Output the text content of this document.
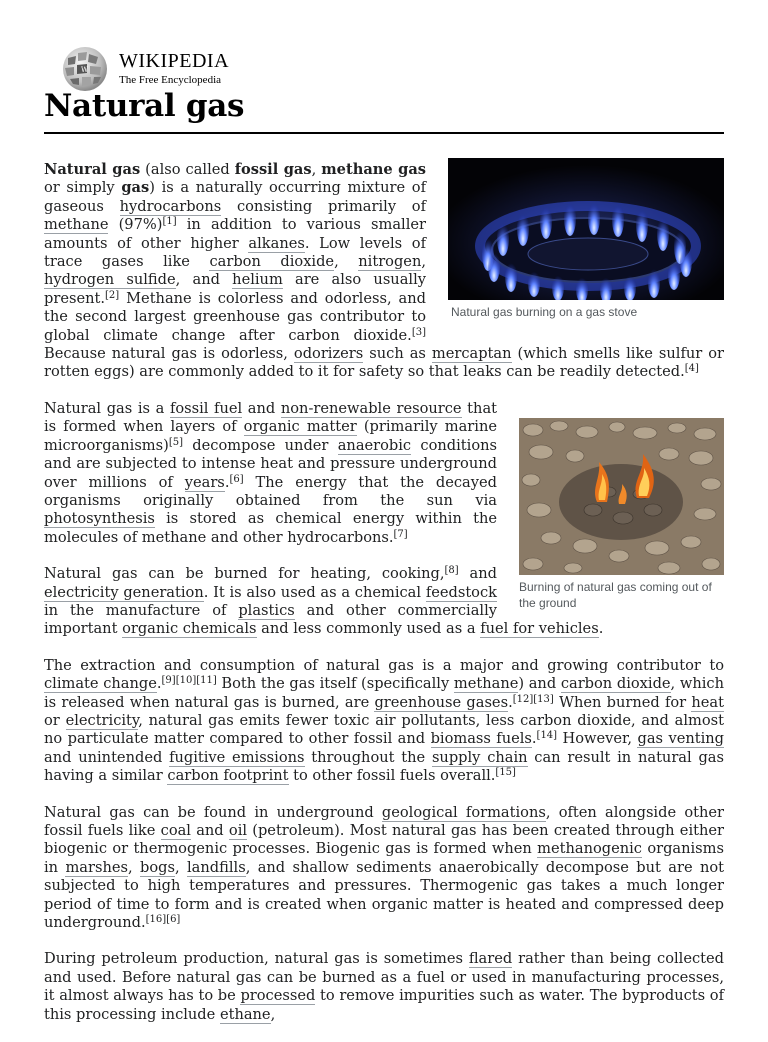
W WIKIPEDIA
The Free Encyclopedia
Natural gas
Natural gas burning on a gas stove

Natural gas (also called fossil gas, methane gas or simply gas) is a naturally occurring mixture of gaseous hydrocarbons consisting primarily of methane (97%)[1] in addition to various smaller amounts of other higher alkanes. Low levels of trace gases like carbon dioxide, nitrogen, hydrogen sulfide, and helium are also usually present.[2] Methane is colorless and odorless, and the second largest greenhouse gas contributor to global climate change after carbon dioxide.[3] Because natural gas is odorless, odorizers such as mercaptan (which smells like sulfur or rotten eggs) are commonly added to it for safety so that leaks can be readily detected.[4]

Burning of natural gas coming out of the ground

Natural gas is a fossil fuel and non-renewable resource that is formed when layers of organic matter (primarily marine microorganisms)[5] decompose under anaerobic conditions and are subjected to intense heat and pressure underground over millions of years.[6] The energy that the decayed organisms originally obtained from the sun via photosynthesis is stored as chemical energy within the molecules of methane and other hydrocarbons.[7]

Natural gas can be burned for heating, cooking,[8] and electricity generation. It is also used as a chemical feedstock in the manufacture of plastics and other commercially important organic chemicals and less commonly used as a fuel for vehicles.

The extraction and consumption of natural gas is a major and growing contributor to climate change.[9][10][11] Both the gas itself (specifically methane) and carbon dioxide, which is released when natural gas is burned, are greenhouse gases.[12][13] When burned for heat or electricity, natural gas emits fewer toxic air pollutants, less carbon dioxide, and almost no particulate matter compared to other fossil and biomass fuels.[14] However, gas venting and unintended fugitive emissions throughout the supply chain can result in natural gas having a similar carbon footprint to other fossil fuels overall.[15]

Natural gas can be found in underground geological formations, often alongside other fossil fuels like coal and oil (petroleum). Most natural gas has been created through either biogenic or thermogenic processes. Biogenic gas is formed when methanogenic organisms in marshes, bogs, landfills, and shallow sediments anaerobically decompose but are not subjected to high temperatures and pressures. Thermogenic gas takes a much longer period of time to form and is created when organic matter is heated and compressed deep underground.[16][6]

During petroleum production, natural gas is sometimes flared rather than being collected and used. Before natural gas can be burned as a fuel or used in manufacturing processes, it almost always has to be processed to remove impurities such as water. The byproducts of this processing include ethane,
